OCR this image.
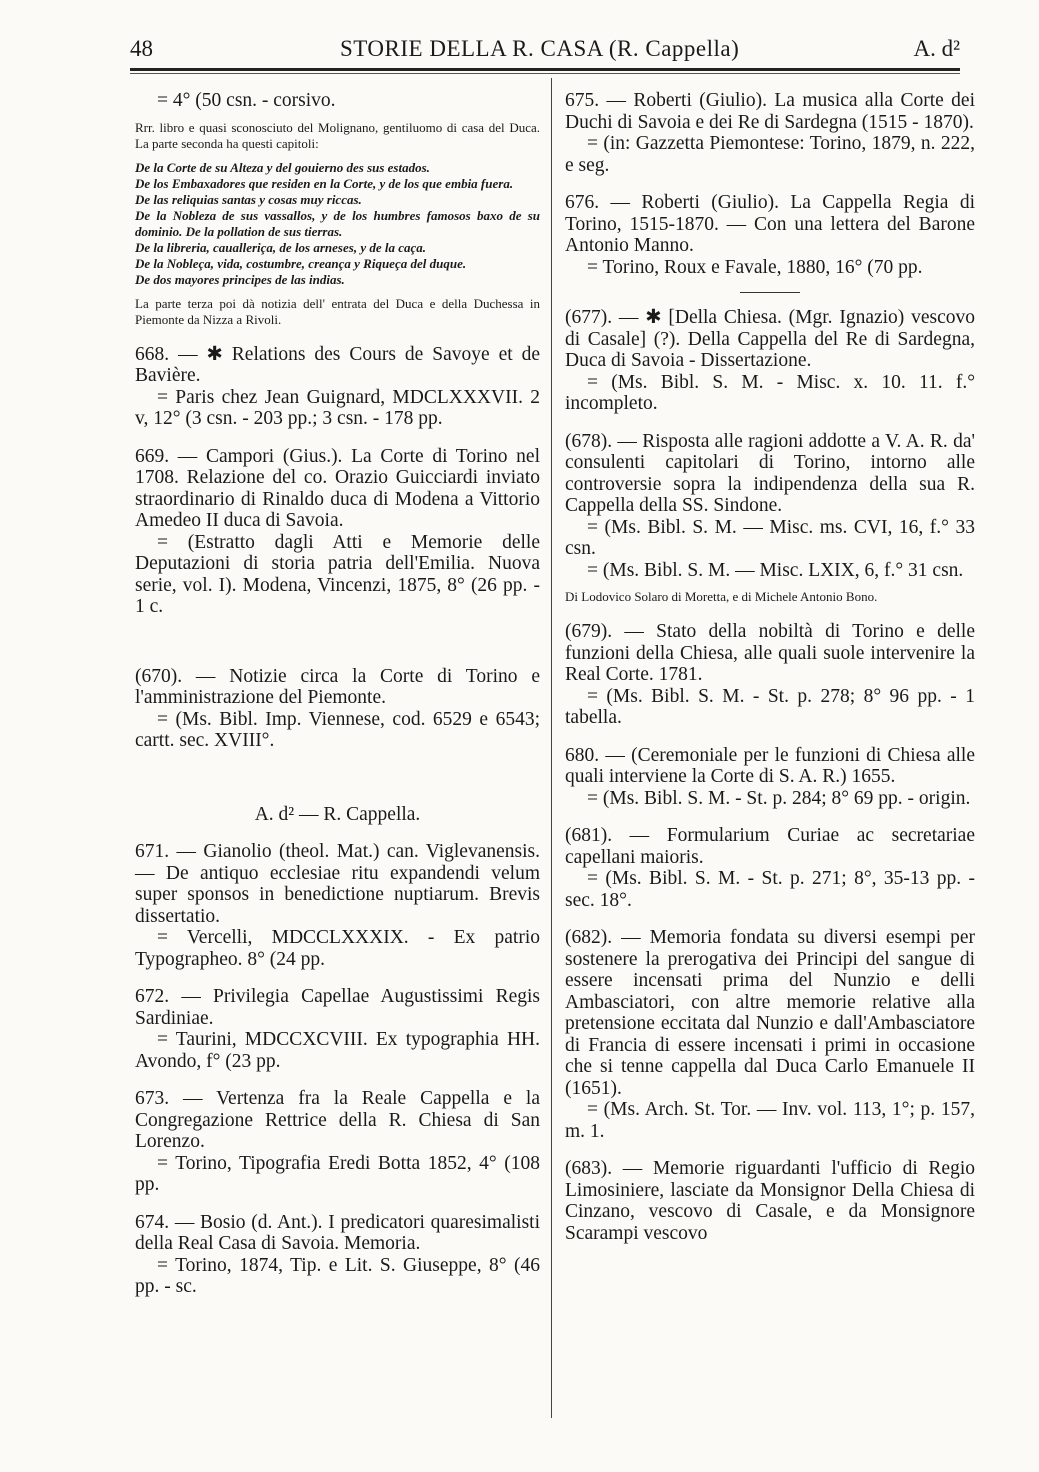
48	STORIE DELLA R. CASA (R. Cappella)	A. d²

= 4° (50 csn. - corsivo.

Rrr. libro e quasi sconosciuto del Molignano, gentiluomo di casa del Duca. La parte seconda ha questi capitoli:

De la Corte de su Alteza y del gouierno des sus estados.

De los Embaxadores que residen en la Corte, y de los que embia fuera.

De las reliquias santas y cosas muy riccas.

De la Nobleza de sus vassallos, y de los humbres famosos baxo de su dominio. De la pollation de sus tierras.

De la libreria, caualleriça, de los arneses, y de la caça.

De la Nobleça, vida, costumbre, creança y Riqueça del duque.

De dos mayores principes de las indias.

La parte terza poi dà notizia dell' entrata del Duca e della Duchessa in Piemonte da Nizza a Rivoli.

668. — ✱ Relations des Cours de Savoye et de Bavière.

= Paris chez Jean Guignard, MDCLXXXVII. 2 v, 12° (3 csn. - 203 pp.; 3 csn. - 178 pp.

669. — Campori (Gius.). La Corte di Torino nel 1708. Relazione del co. Orazio Guicciardi inviato straordinario di Rinaldo duca di Modena a Vittorio Amedeo II duca di Savoia.

= (Estratto dagli Atti e Memorie delle Deputazioni di storia patria dell'Emilia. Nuova serie, vol. I). Modena, Vincenzi, 1875, 8° (26 pp. - 1 c.

(670). — Notizie circa la Corte di Torino e l'amministrazione del Piemonte.

= (Ms. Bibl. Imp. Viennese, cod. 6529 e 6543; cartt. sec. XVIII°.

A. d² — R. Cappella.

671. — Gianolio (theol. Mat.) can. Viglevanensis. — De antiquo ecclesiae ritu expandendi velum super sponsos in benedictione nuptiarum. Brevis dissertatio.

= Vercelli, MDCCLXXXIX. - Ex patrio Typographeo. 8° (24 pp.

672. — Privilegia Capellae Augustissimi Regis Sardiniae.

= Taurini, MDCCXCVIII. Ex typographia HH. Avondo, f° (23 pp.

673. — Vertenza fra la Reale Cappella e la Congregazione Rettrice della R. Chiesa di San Lorenzo.

= Torino, Tipografia Eredi Botta 1852, 4° (108 pp.

674. — Bosio (d. Ant.). I predicatori quaresimalisti della Real Casa di Savoia. Memoria.

= Torino, 1874, Tip. e Lit. S. Giuseppe, 8° (46 pp. - sc.

675. — Roberti (Giulio). La musica alla Corte dei Duchi di Savoia e dei Re di Sardegna (1515 - 1870).

= (in: Gazzetta Piemontese: Torino, 1879, n. 222, e seg.

676. — Roberti (Giulio). La Cappella Regia di Torino, 1515-1870. — Con una lettera del Barone Antonio Manno.

= Torino, Roux e Favale, 1880, 16° (70 pp.

(677). — ✱ [Della Chiesa. (Mgr. Ignazio) vescovo di Casale] (?). Della Cappella del Re di Sardegna, Duca di Savoia - Dissertazione.

= (Ms. Bibl. S. M. - Misc. x. 10. 11. f.° incompleto.

(678). — Risposta alle ragioni addotte a V. A. R. da' consulenti capitolari di Torino, intorno alle controversie sopra la indipendenza della sua R. Cappella della SS. Sindone.

= (Ms. Bibl. S. M. — Misc. ms. CVI, 16, f.° 33 csn.

= (Ms. Bibl. S. M. — Misc. LXIX, 6, f.° 31 csn.

Di Lodovico Solaro di Moretta, e di Michele Antonio Bono.

(679). — Stato della nobiltà di Torino e delle funzioni della Chiesa, alle quali suole intervenire la Real Corte. 1781.

= (Ms. Bibl. S. M. - St. p. 278; 8° 96 pp. - 1 tabella.

680. — (Ceremoniale per le funzioni di Chiesa alle quali interviene la Corte di S. A. R.) 1655.

= (Ms. Bibl. S. M. - St. p. 284; 8° 69 pp. - origin.

(681). — Formularium Curiae ac secretariae capellani maioris.

= (Ms. Bibl. S. M. - St. p. 271; 8°, 35-13 pp. - sec. 18°.

(682). — Memoria fondata su diversi esempi per sostenere la prerogativa dei Principi del sangue di essere incensati prima del Nunzio e delli Ambasciatori, con altre memorie relative alla pretensione eccitata dal Nunzio e dall'Ambasciatore di Francia di essere incensati i primi in occasione che si tenne cappella dal Duca Carlo Emanuele II (1651).

= (Ms. Arch. St. Tor. — Inv. vol. 113, 1°; p. 157, m. 1.

(683). — Memorie riguardanti l'ufficio di Regio Limosiniere, lasciate da Monsignor Della Chiesa di Cinzano, vescovo di Casale, e da Monsignore Scarampi vescovo
